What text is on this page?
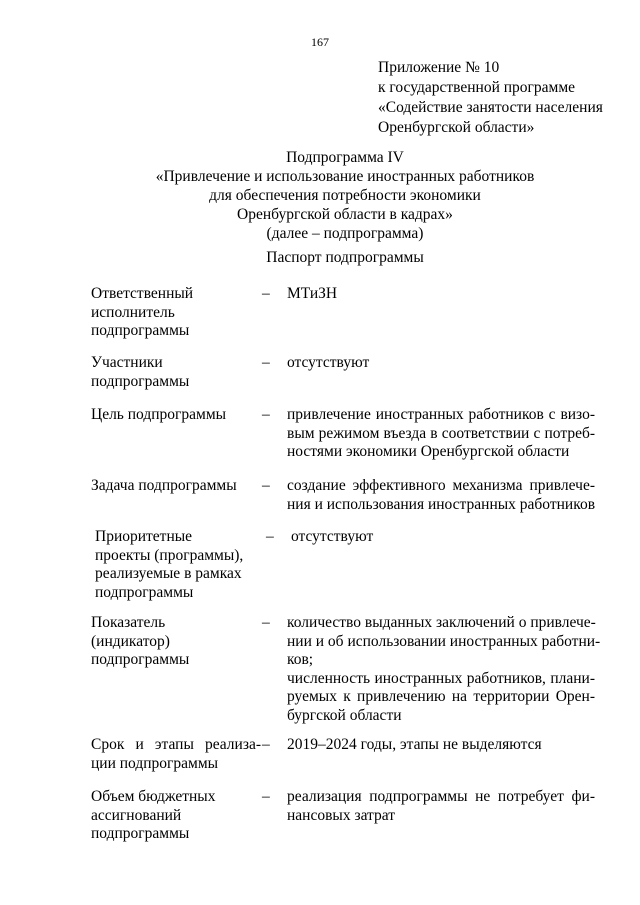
167
Приложение № 10
к государственной программе
«Содействие занятости населения
Оренбургской области»
Подпрограмма IV
«Привлечение и использование иностранных работников
для обеспечения потребности экономики
Оренбургской области в кадрах»
(далее – подпрограмма)
Паспорт подпрограммы
Ответственный
исполнитель
подпрограммы
– МТиЗН
Участники
подпрограммы
– отсутствуют
Цель подпрограммы	– привлечение иностранных работников с визо-
вым режимом въезда в соответствии с потреб-
ностями экономики Оренбургской области
Задача подпрограммы	– создание эффективного механизма привлече-
ния и использования иностранных работников
Приоритетные
проекты (программы),
реализуемые в рамках
подпрограммы
– отсутствуют
Показатель
(индикатор)
подпрограммы
– количество выданных заключений о привлече-
нии и об использовании иностранных работни-
ков;
численность иностранных работников, плани-
руемых к привлечению на территории Орен-
бургской области
Срок и этапы реализа-
ции подпрограммы
– 2019–2024 годы, этапы не выделяются
Объем бюджетных
ассигнований
подпрограммы
– реализация подпрограммы не потребует фи-
нансовых затрат
